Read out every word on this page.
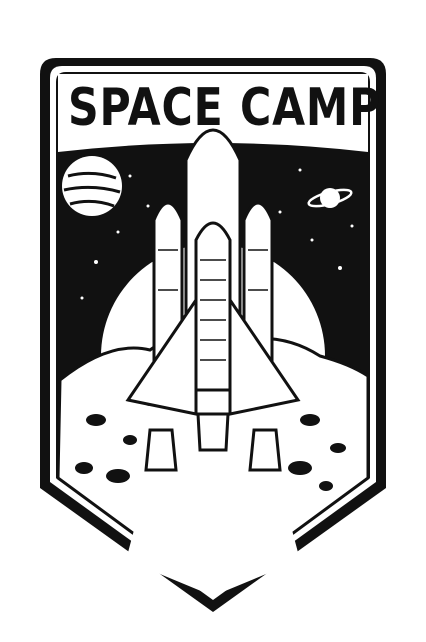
SPACE CAMP
